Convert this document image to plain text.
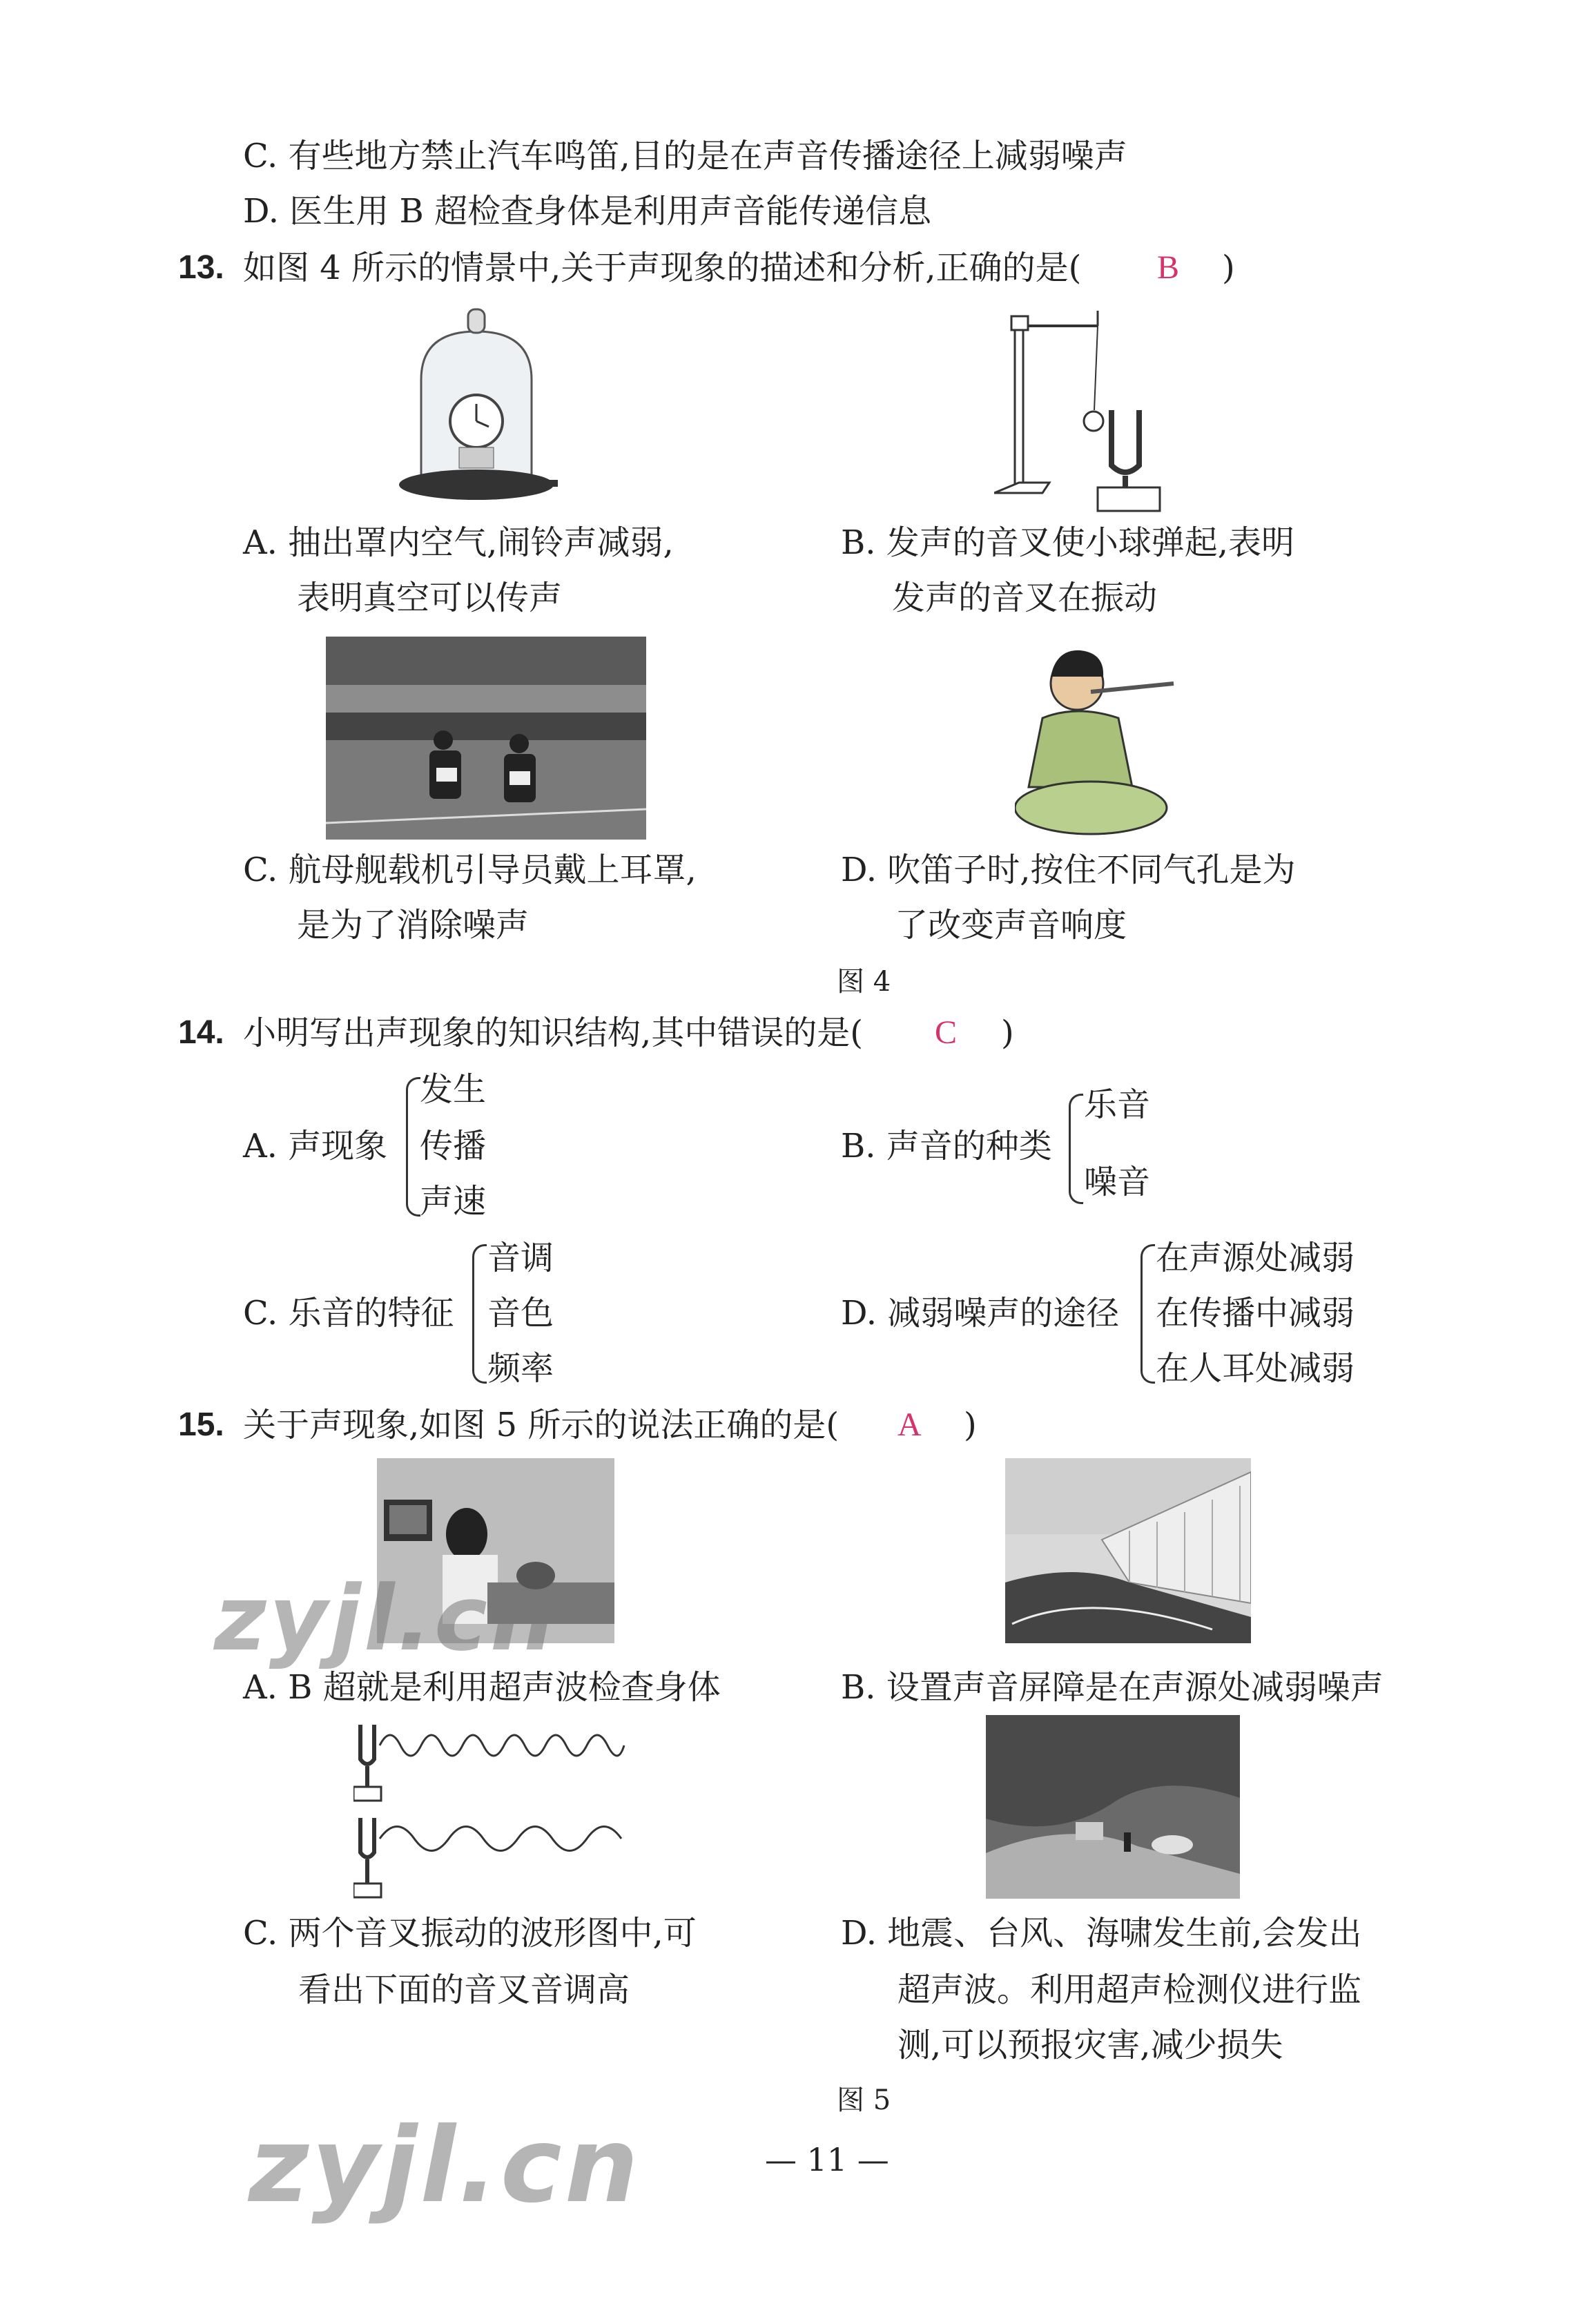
C. 有些地方禁止汽车鸣笛,目的是在声音传播途径上减弱噪声
D. 医生用 B 超检查身体是利用声音能传递信息
13. 如图 4 所示的情景中,关于声现象的描述和分析,正确的是( B )
A. 抽出罩内空气,闹铃声减弱,
表明真空可以传声
B. 发声的音叉使小球弹起,表明
发声的音叉在振动
C. 航母舰载机引导员戴上耳罩,
是为了消除噪声
D. 吹笛子时,按住不同气孔是为
了改变声音响度
图 4
14. 小明写出声现象的知识结构,其中错误的是( C )
A. 声现象
发生
传播
声速
B. 声音的种类
乐音
噪音
C. 乐音的特征
音调
音色
频率
D. 减弱噪声的途径
在声源处减弱
在传播中减弱
在人耳处减弱
15. 关于声现象,如图 5 所示的说法正确的是( A )
zyjl.cn
A. B 超就是利用超声波检查身体	B. 设置声音屏障是在声源处减弱噪声
C. 两个音叉振动的波形图中,可
看出下面的音叉音调高
D. 地震、台风、海啸发生前,会发出
超声波。利用超声检测仪进行监
测,可以预报灾害,减少损失
图 5
zyjl.cn	— 11 —
